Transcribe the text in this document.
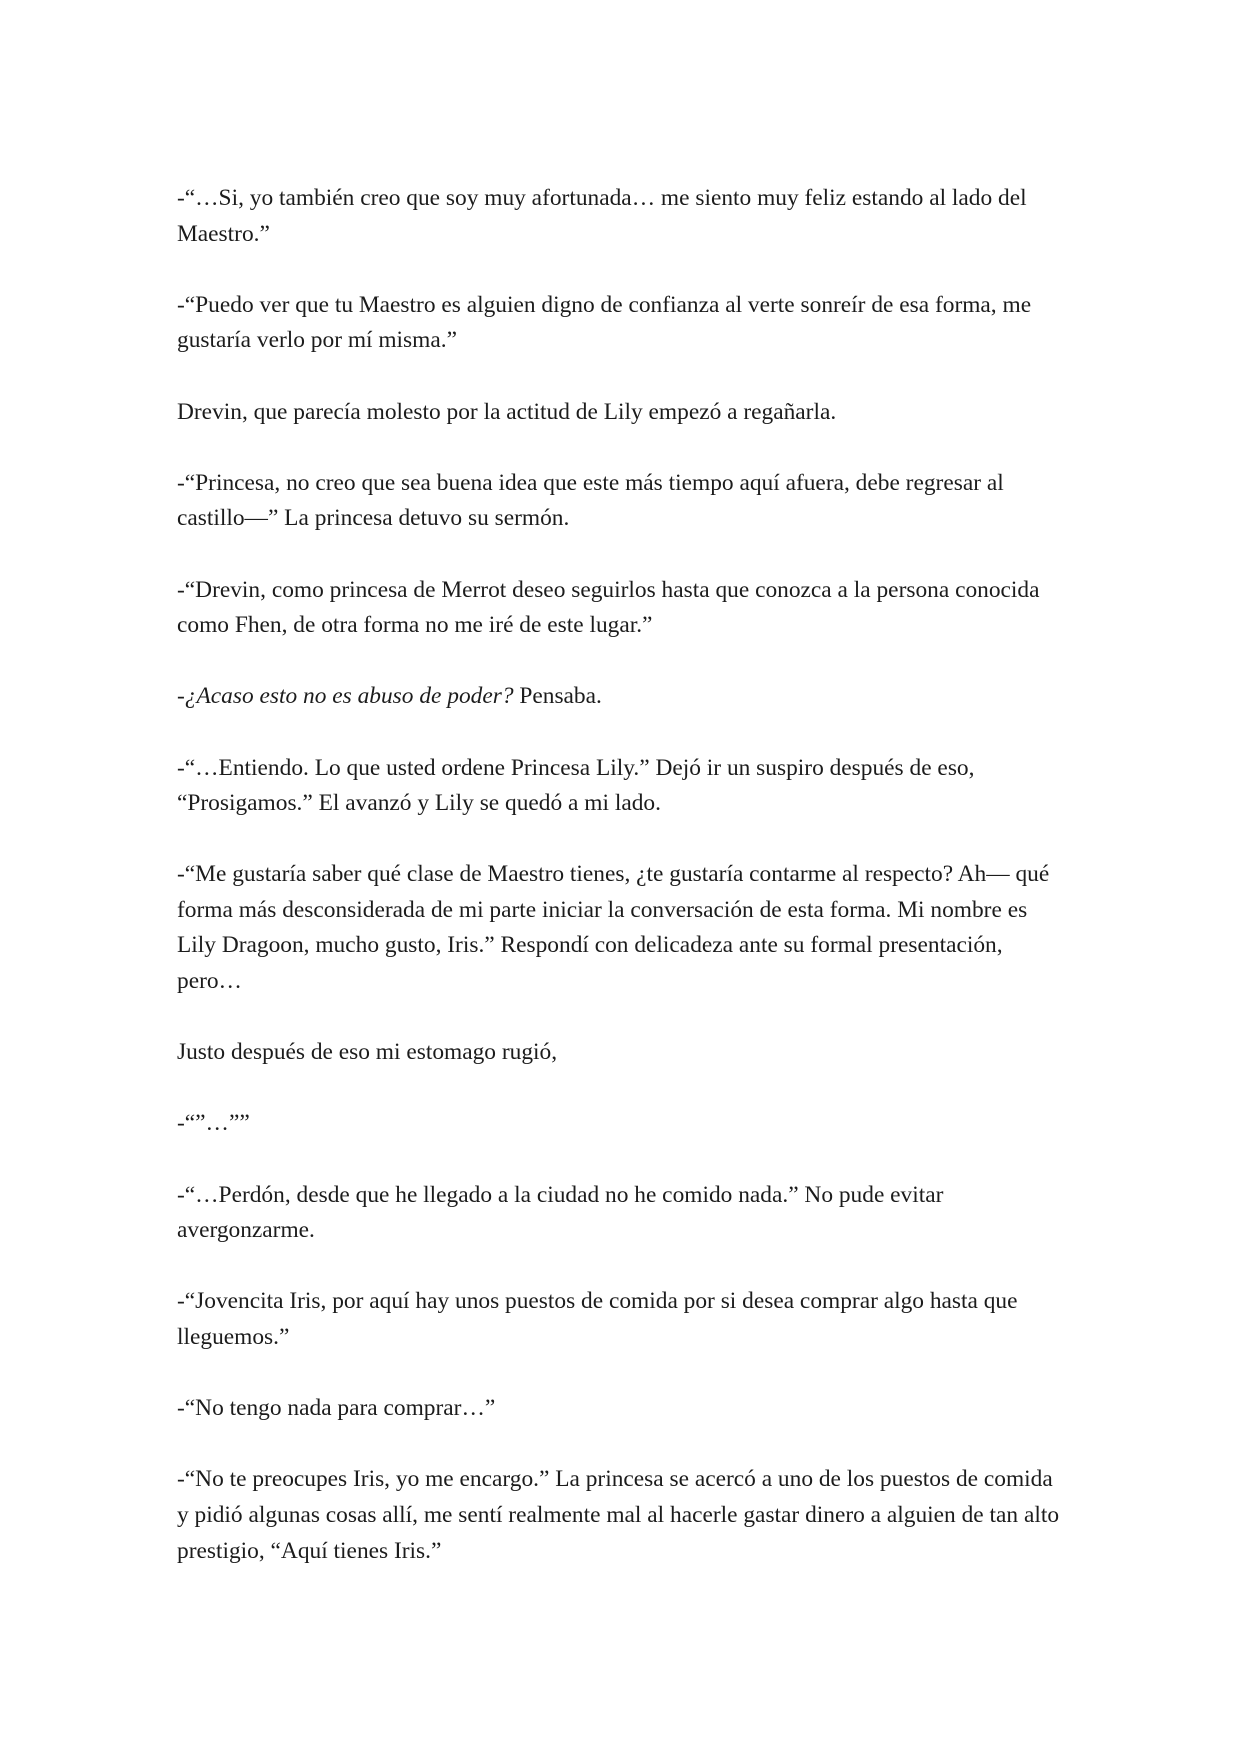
-“…Si, yo también creo que soy muy afortunada… me siento muy feliz estando al lado del Maestro.”

-“Puedo ver que tu Maestro es alguien digno de confianza al verte sonreír de esa forma, me gustaría verlo por mí misma.”

Drevin, que parecía molesto por la actitud de Lily empezó a regañarla.

-“Princesa, no creo que sea buena idea que este más tiempo aquí afuera, debe regresar al castillo—” La princesa detuvo su sermón.

-“Drevin, como princesa de Merrot deseo seguirlos hasta que conozca a la persona conocida como Fhen, de otra forma no me iré de este lugar.”

-¿Acaso esto no es abuso de poder? Pensaba.

-“…Entiendo. Lo que usted ordene Princesa Lily.” Dejó ir un suspiro después de eso, “Prosigamos.” El avanzó y Lily se quedó a mi lado.

-“Me gustaría saber qué clase de Maestro tienes, ¿te gustaría contarme al respecto? Ah— qué forma más desconsiderada de mi parte iniciar la conversación de esta forma. Mi nombre es Lily Dragoon, mucho gusto, Iris.” Respondí con delicadeza ante su formal presentación, pero…

Justo después de eso mi estomago rugió,

-“”…””

-“…Perdón, desde que he llegado a la ciudad no he comido nada.” No pude evitar avergonzarme.

-“Jovencita Iris, por aquí hay unos puestos de comida por si desea comprar algo hasta que lleguemos.”

-“No tengo nada para comprar…”

-“No te preocupes Iris, yo me encargo.” La princesa se acercó a uno de los puestos de comida y pidió algunas cosas allí, me sentí realmente mal al hacerle gastar dinero a alguien de tan alto prestigio, “Aquí tienes Iris.”
